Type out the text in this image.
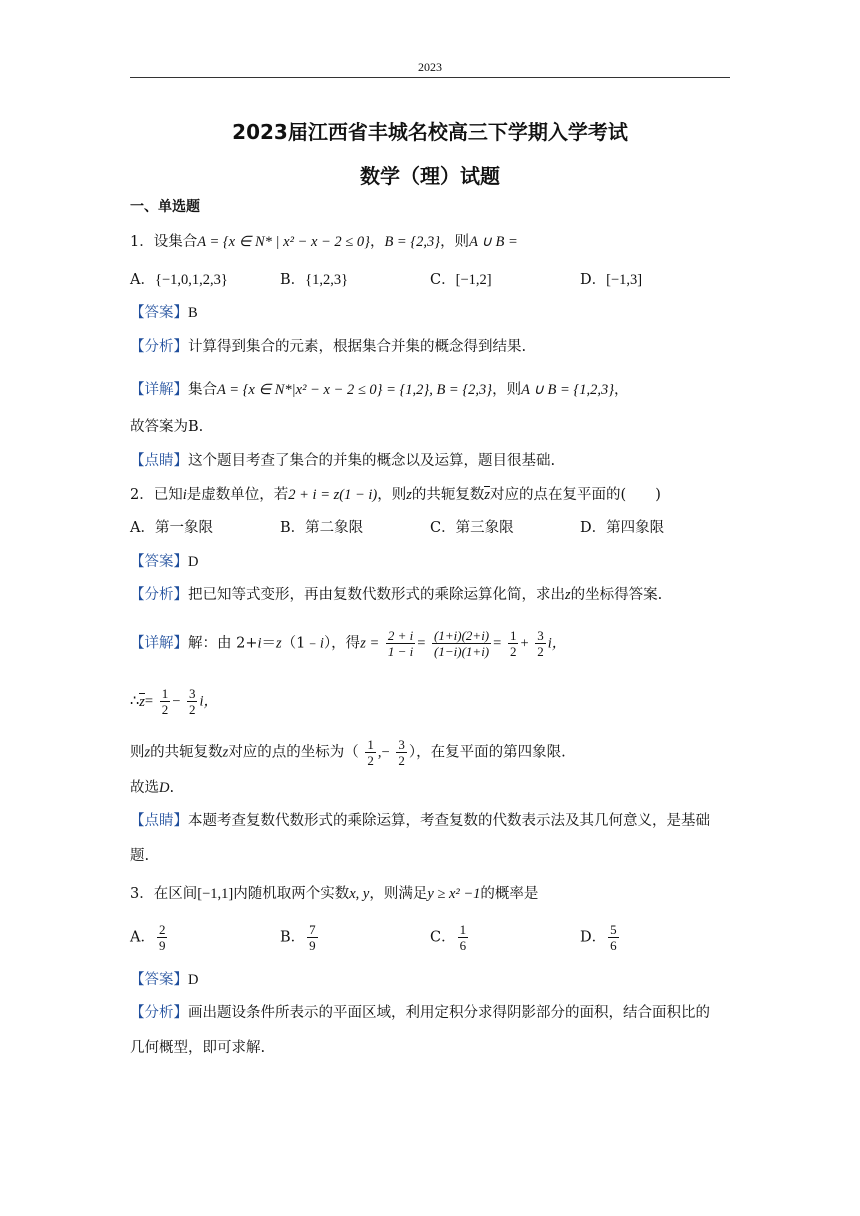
2023
2023届江西省丰城名校高三下学期入学考试
数学（理）试题
一、单选题
1．设集合A = {x ∈ N* | x² − x − 2 ≤ 0}，B = {2,3}，则A ∪ B =
A．{−1,0,1,2,3}	B．{1,2,3}	C．[−1,2]	D．[−1,3]
【答案】B
【分析】计算得到集合的元素，根据集合并集的概念得到结果.
【详解】集合A = {x ∈ N*|x² − x − 2 ≤ 0} = {1,2}, B = {2,3}，则A ∪ B = {1,2,3}，
故答案为B.
【点睛】这个题目考查了集合的并集的概念以及运算，题目很基础.
2．已知i是虚数单位，若2 + i = z(1 − i)，则z的共轭复数z对应的点在复平面的(　　)
A．第一象限	B．第二象限	C．第三象限	D．第四象限
【答案】D
【分析】把已知等式变形，再由复数代数形式的乘除运算化简，求出z的坐标得答案.
【详解】解：由 2+i＝z（1﹣i），得$z = \frac{2 + i}{1 - i} = \frac{(1+i)(2+i)}{(1-i)(1+i)} = \frac{1}{2} + \frac{3}{2}$ i，
∴z= $\frac{1}{2} - \frac{3}{2}$ i，
则z的共轭复数z对应的点的坐标为（ $\frac{1}{2}$ ,− $\frac{3}{2}$ ），在复平面的第四象限.
故选D.
【点睛】本题考查复数代数形式的乘除运算，考查复数的代数表示法及其几何意义，是基础
题.
3．在区间[−1,1]内随机取两个实数x, y，则满足y ≥ x² −1的概率是
A． $\frac{2}{9}$	B． $\frac{7}{9}$	C． $\frac{1}{6}$	D． $\frac{5}{6}$
【答案】D
【分析】画出题设条件所表示的平面区域，利用定积分求得阴影部分的面积，结合面积比的
几何概型，即可求解.
